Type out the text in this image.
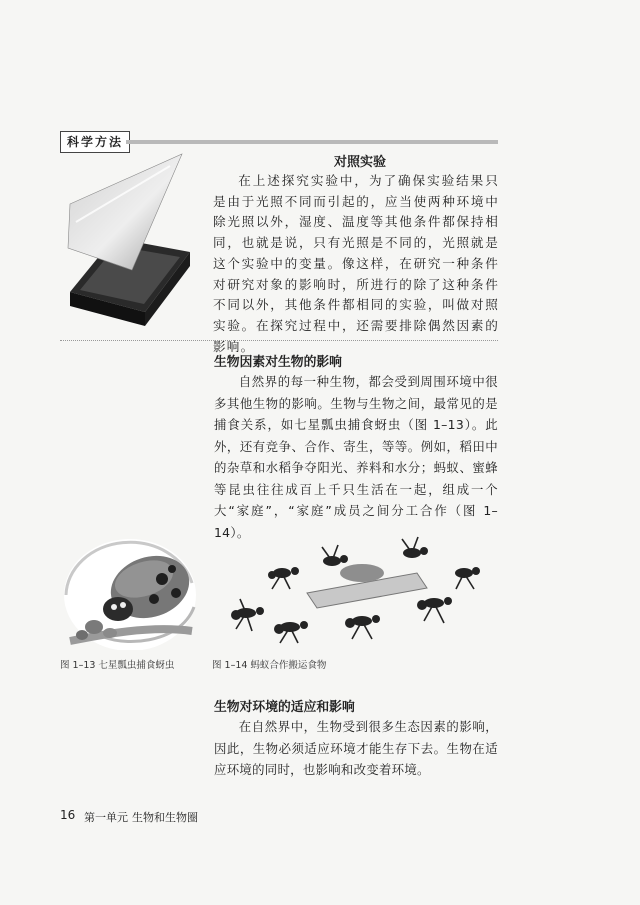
科学方法
对照实验

在上述探究实验中，为了确保实验结果只是由于光照不同而引起的，应当使两种环境中除光照以外，湿度、温度等其他条件都保持相同，也就是说，只有光照是不同的，光照就是这个实验中的变量。像这样，在研究一种条件对研究对象的影响时，所进行的除了这种条件不同以外，其他条件都相同的实验，叫做对照实验。在探究过程中，还需要排除偶然因素的影响。

生物因素对生物的影响

自然界的每一种生物，都会受到周围环境中很多其他生物的影响。生物与生物之间，最常见的是捕食关系，如七星瓢虫捕食蚜虫（图 1–13）。此外，还有竞争、合作、寄生，等等。例如，稻田中的杂草和水稻争夺阳光、养料和水分；蚂蚁、蜜蜂等昆虫往往成百上千只生活在一起，组成一个大“家庭”，“家庭”成员之间分工合作（图 1–14）。

图 1–13 七星瓢虫捕食蚜虫	图 1–14 蚂蚁合作搬运食物
生物对环境的适应和影响

在自然界中，生物受到很多生态因素的影响，因此，生物必须适应环境才能生存下去。生物在适应环境的同时，也影响和改变着环境。

16 第一单元 生物和生物圈
